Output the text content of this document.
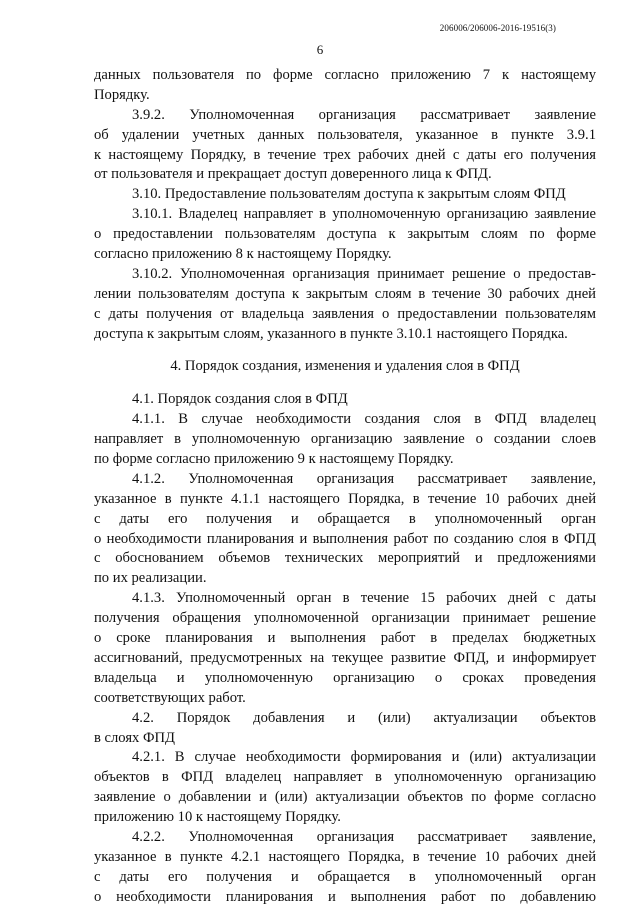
206006/206006-2016-19516(3)
6
данных пользователя по форме согласно приложению 7 к настоящему
Порядку.
3.9.2. Уполномоченная организация рассматривает заявление
об удалении учетных данных пользователя, указанное в пункте 3.9.1
к настоящему Порядку, в течение трех рабочих дней с даты его получения
от пользователя и прекращает доступ доверенного лица к ФПД.
3.10. Предоставление пользователям доступа к закрытым слоям ФПД
3.10.1. Владелец направляет в уполномоченную организацию заявление
о предоставлении пользователям доступа к закрытым слоям по форме
согласно приложению 8 к настоящему Порядку.
3.10.2. Уполномоченная организация принимает решение о предостав-
лении пользователям доступа к закрытым слоям в течение 30 рабочих дней
с даты получения от владельца заявления о предоставлении пользователям
доступа к закрытым слоям, указанного в пункте 3.10.1 настоящего Порядка.
4. Порядок создания, изменения и удаления слоя в ФПД
4.1. Порядок создания слоя в ФПД
4.1.1. В случае необходимости создания слоя в ФПД владелец
направляет в уполномоченную организацию заявление о создании слоев
по форме согласно приложению 9 к настоящему Порядку.
4.1.2. Уполномоченная организация рассматривает заявление,
указанное в пункте 4.1.1 настоящего Порядка, в течение 10 рабочих дней
с даты его получения и обращается в уполномоченный орган
о необходимости планирования и выполнения работ по созданию слоя в ФПД
с обоснованием объемов технических мероприятий и предложениями
по их реализации.
4.1.3. Уполномоченный орган в течение 15 рабочих дней с даты
получения обращения уполномоченной организации принимает решение
о сроке планирования и выполнения работ в пределах бюджетных
ассигнований, предусмотренных на текущее развитие ФПД, и информирует
владельца и уполномоченную организацию о сроках проведения
соответствующих работ.
4.2. Порядок добавления и (или) актуализации объектов
в слоях ФПД
4.2.1. В случае необходимости формирования и (или) актуализации
объектов в ФПД владелец направляет в уполномоченную организацию
заявление о добавлении и (или) актуализации объектов по форме согласно
приложению 10 к настоящему Порядку.
4.2.2. Уполномоченная организация рассматривает заявление,
указанное в пункте 4.2.1 настоящего Порядка, в течение 10 рабочих дней
с даты его получения и обращается в уполномоченный орган
о необходимости планирования и выполнения работ по добавлению
